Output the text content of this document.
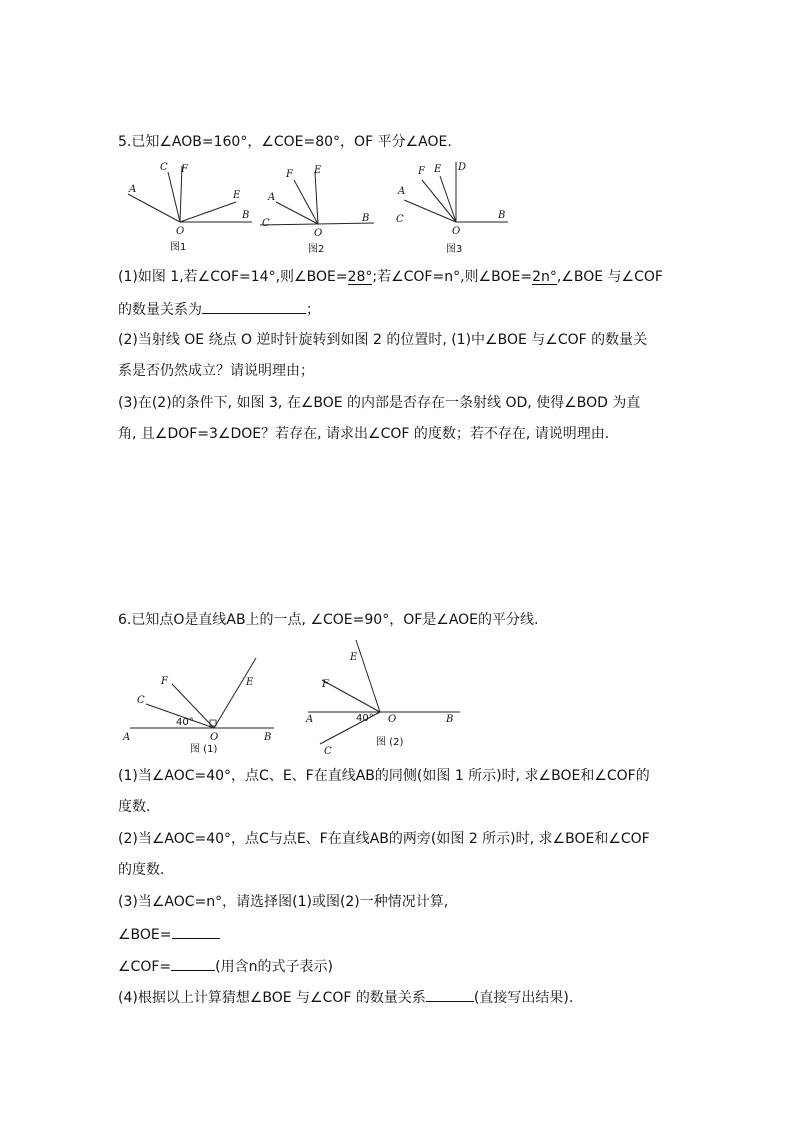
5.已知∠AOB=160°，∠COE=80°，OF 平分∠AOE.
A
C F
E
B
O
图1
F E
A
C	B
O
图2
F E D
A
C	B
O
图3
(1)如图 1,若∠COF=14°,则∠BOE=28°;若∠COF=n°,则∠BOE=2n°,∠BOE 与∠COF
的数量关系为	；
(2)当射线 OE 绕点 O 逆时针旋转到如图 2 的位置时, (1)中∠BOE 与∠COF 的数量关
系是否仍然成立？请说明理由；
(3)在(2)的条件下, 如图 3, 在∠BOE 的内部是否存在一条射线 OD, 使得∠BOD 为直
角, 且∠DOF=3∠DOE？若存在, 请求出∠COF 的度数；若不存在, 请说明理由.
6.已知点O是直线AB上的一点, ∠COE=90°，OF是∠AOE的平分线.
C
F	E
40°
A	O	B
图 (1)
E
F
A	40° O	B
C
图 (2)
(1)当∠AOC=40°，点C、E、F在直线AB的同侧(如图 1 所示)时, 求∠BOE和∠COF的
度数.
(2)当∠AOC=40°，点C与点E、F在直线AB的两旁(如图 2 所示)时, 求∠BOE和∠COF
的度数.
(3)当∠AOC=n°，请选择图(1)或图(2)一种情况计算,
∠BOE=
∠COF=	(用含n的式子表示)
(4)根据以上计算猜想∠BOE 与∠COF 的数量关系	(直接写出结果).
